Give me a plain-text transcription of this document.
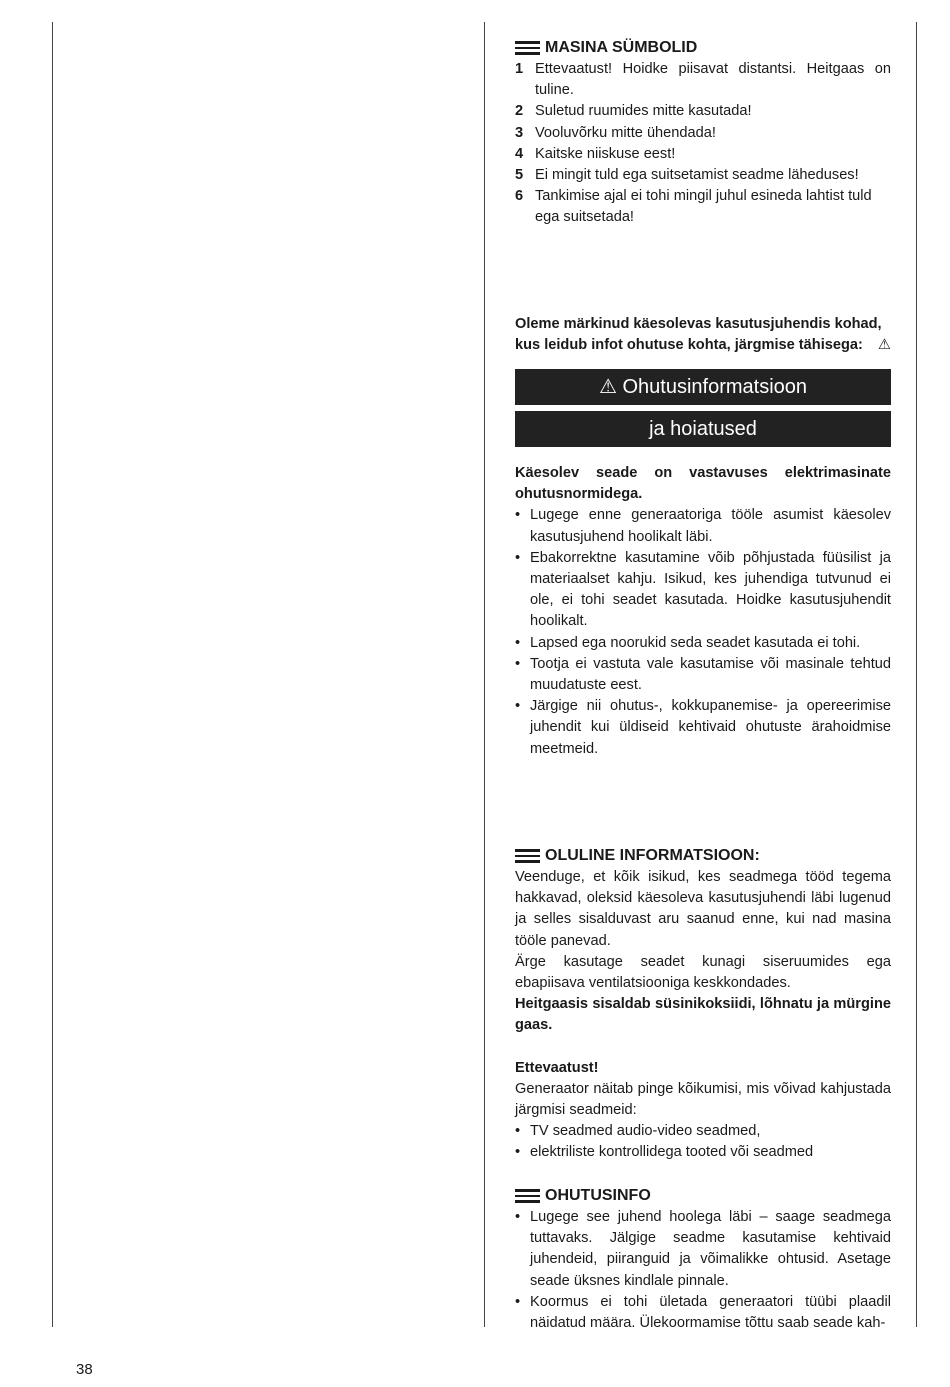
MASINA SÜMBOLID
1 Ettevaatust! Hoidke piisavat distantsi. Heitgaas on tuline.
2 Suletud ruumides mitte kasutada!
3 Vooluvõrku mitte ühendada!
4 Kaitske niiskuse eest!
5 Ei mingit tuld ega suitsetamist seadme läheduses!
6 Tankimise ajal ei tohi mingil juhul esineda lahtist tuld ega suitsetada!
Oleme märkinud käesolevas kasutusjuhendis kohad,
kus leidub infot ohutuse kohta, järgmise tähisega: ⚠
⚠ Ohutusinformatsioon
ja hoiatused

Käesolev seade on vastavuses elektrimasinate ohutusnormidega.

• Lugege enne generaatoriga tööle asumist käesolev kasutusjuhend hoolikalt läbi.
• Ebakorrektne kasutamine võib põhjustada füüsilist ja materiaalset kahju. Isikud, kes juhendiga tutvunud ei ole, ei tohi seadet kasutada. Hoidke kasutusjuhendit hoolikalt.
• Lapsed ega noorukid seda seadet kasutada ei tohi.
• Tootja ei vastuta vale kasutamise või masinale tehtud muudatuste eest.
• Järgige nii ohutus-, kokkupanemise- ja opereerimise juhendit kui üldiseid kehtivaid ohutuste ärahoidmise meetmeid.
OLULINE INFORMATSIOON:

Veenduge, et kõik isikud, kes seadmega tööd tegema hakkavad, oleksid käesoleva kasutusjuhendi läbi lugenud ja selles sisalduvast aru saanud enne, kui nad masina tööle panevad.

Ärge kasutage seadet kunagi siseruumides ega ebapiisava ventilatsiooniga keskkondades.

Heitgaasis sisaldab süsinikoksiidi, lõhnatu ja mürgine gaas.

Ettevaatust!

Generaator näitab pinge kõikumisi, mis võivad kahjustada järgmisi seadmeid:

• TV seadmed audio-video seadmed,
• elektriliste kontrollidega tooted või seadmed
OHUTUSINFO
• Lugege see juhend hoolega läbi – saage seadmega tuttavaks. Jälgige seadme kasutamise kehtivaid juhendeid, piiranguid ja võimalikke ohtusid. Asetage seade üksnes kindlale pinnale.
• Koormus ei tohi ületada generaatori tüübi plaadil näidatud määra. Ülekoormamise tõttu saab seade kah-
38
